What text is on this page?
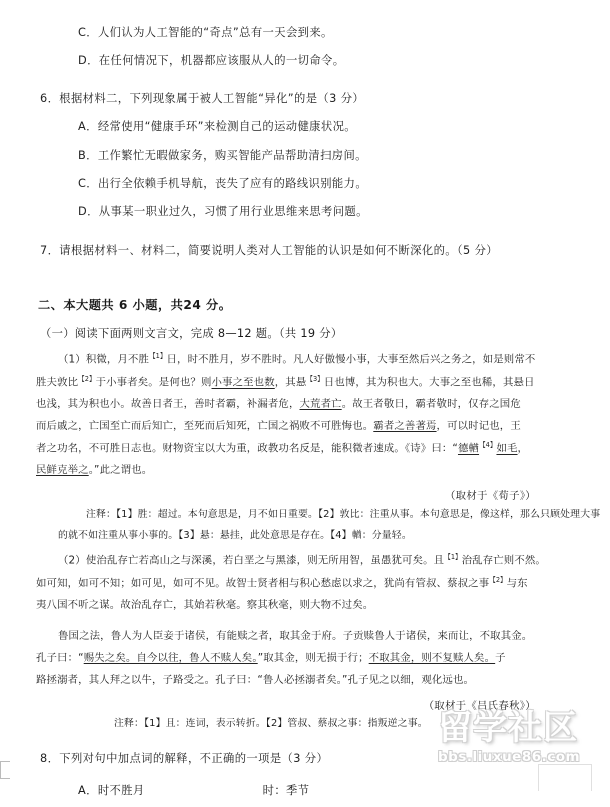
C．人们认为人工智能的“奇点”总有一天会到来。
D．在任何情况下，机器都应该服从人的一切命令。
6．根据材料二，下列现象属于被人工智能“异化”的是（3 分）
A．经常使用“健康手环”来检测自己的运动健康状况。
B．工作繁忙无暇做家务，购买智能产品帮助清扫房间。
C．出行全依赖手机导航，丧失了应有的路线识别能力。
D．从事某一职业过久，习惯了用行业思维来思考问题。
7．请根据材料一、材料二，简要说明人类对人工智能的认识是如何不断深化的。（5 分）
二、本大题共 6 小题，共24 分。
（一）阅读下面两则文言文，完成 8—12 题。（共 19 分）
（1）积微，月不胜$^{【1】}$日，时不胜月，岁不胜时。凡人好傲慢小事，大事至然后兴之务之，如是则常不
胜夫敦比$^{【2】}$于小事者矣。是何也？则小事之至也数，其悬$^{【3】}$日也博，其为积也大。大事之至也稀，其悬日
也浅，其为积也小。故善日者王，善时者霸，补漏者危，大荒者亡。故王者敬日，霸者敬时，仅存之国危
而后戚之，亡国至亡而后知亡，至死而后知死，亡国之祸败不可胜悔也。霸者之善著焉，可以时记也，王
者之功名，不可胜日志也。财物资宝以大为重，政教功名反是，能积微者速成。《诗》曰：“德輶$^{【4】}$如毛，
民鲜克举之。”此之谓也。
（取材于《荀子》）
注释：【1】胜：超过。本句意思是，月不如日重要。【2】敦比：注重从事。本句意思是，像这样，那么只顾处理大事
的就不如注重从事小事的。【3】悬：悬挂，此处意思是存在。【4】輶：分量轻。
（2）使治乱存亡若高山之与深溪，若白垩之与黑漆，则无所用智，虽愚犹可矣。且$^{【1】}$治乱存亡则不然。
如可知，如可不知；如可见，如可不见。故智士贤者相与积心愁虑以求之，犹尚有管叔、蔡叔之事$^{【2】}$与东
夷八国不听之谋。故治乱存亡，其始若秋毫。察其秋毫，则大物不过矣。
鲁国之法，鲁人为人臣妾于诸侯，有能赎之者，取其金于府。子贡赎鲁人于诸侯，来而让，不取其金。
孔子曰：“赐失之矣。自今以往，鲁人不赎人矣。”取其金，则无损于行；不取其金，则不复赎人矣。子
路拯溺者，其人拜之以牛，子路受之。孔子曰：“鲁人必拯溺者矣。”孔子见之以细，观化远也。
（取材于《吕氏春秋》）
注释：【1】且：连词，表示转折。【2】管叔、蔡叔之事：指叛逆之事。
8．下列对句中加点词的解释，不正确的一项是（3 分）
A．时不胜月	时：季节
留学社区
bbs.liuxue86.com
